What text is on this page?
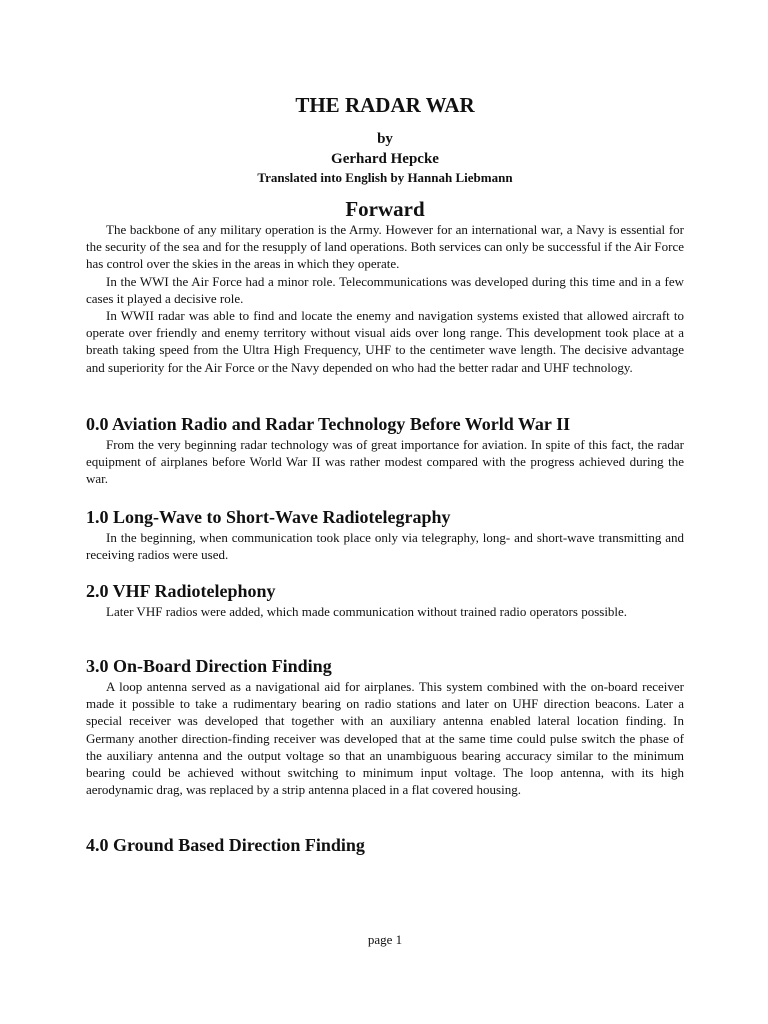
THE RADAR WAR
by
Gerhard Hepcke
Translated into English by Hannah Liebmann
Forward

The backbone of any military operation is the Army. However for an international war, a Navy is essential for the security of the sea and for the resupply of land operations. Both services can only be successful if the Air Force has control over the skies in the areas in which they operate.

In the WWI the Air Force had a minor role. Telecommunications was developed during this time and in a few cases it played a decisive role.

In WWII radar was able to find and locate the enemy and navigation systems existed that allowed aircraft to operate over friendly and enemy territory without visual aids over long range. This development took place at a breath taking speed from the Ultra High Frequency, UHF to the centimeter wave length. The decisive advantage and superiority for the Air Force or the Navy depended on who had the better radar and UHF technology.

0.0 Aviation Radio and Radar Technology Before World War II

From the very beginning radar technology was of great importance for aviation. In spite of this fact, the radar equipment of airplanes before World War II was rather modest compared with the progress achieved during the war.

1.0 Long-Wave to Short-Wave Radiotelegraphy

In the beginning, when communication took place only via telegraphy, long- and short-wave transmitting and receiving radios were used.

2.0 VHF Radiotelephony

Later VHF radios were added, which made communication without trained radio operators possible.

3.0 On-Board Direction Finding

A loop antenna served as a navigational aid for airplanes. This system combined with the on-board receiver made it possible to take a rudimentary bearing on radio stations and later on UHF direction beacons. Later a special receiver was developed that together with an auxiliary antenna enabled lateral location finding. In Germany another direction-finding receiver was developed that at the same time could pulse switch the phase of the auxiliary antenna and the output voltage so that an unambiguous bearing accuracy similar to the minimum bearing could be achieved without switching to minimum input voltage. The loop antenna, with its high aerodynamic drag, was replaced by a strip antenna placed in a flat covered housing.

4.0 Ground Based Direction Finding
page 1
